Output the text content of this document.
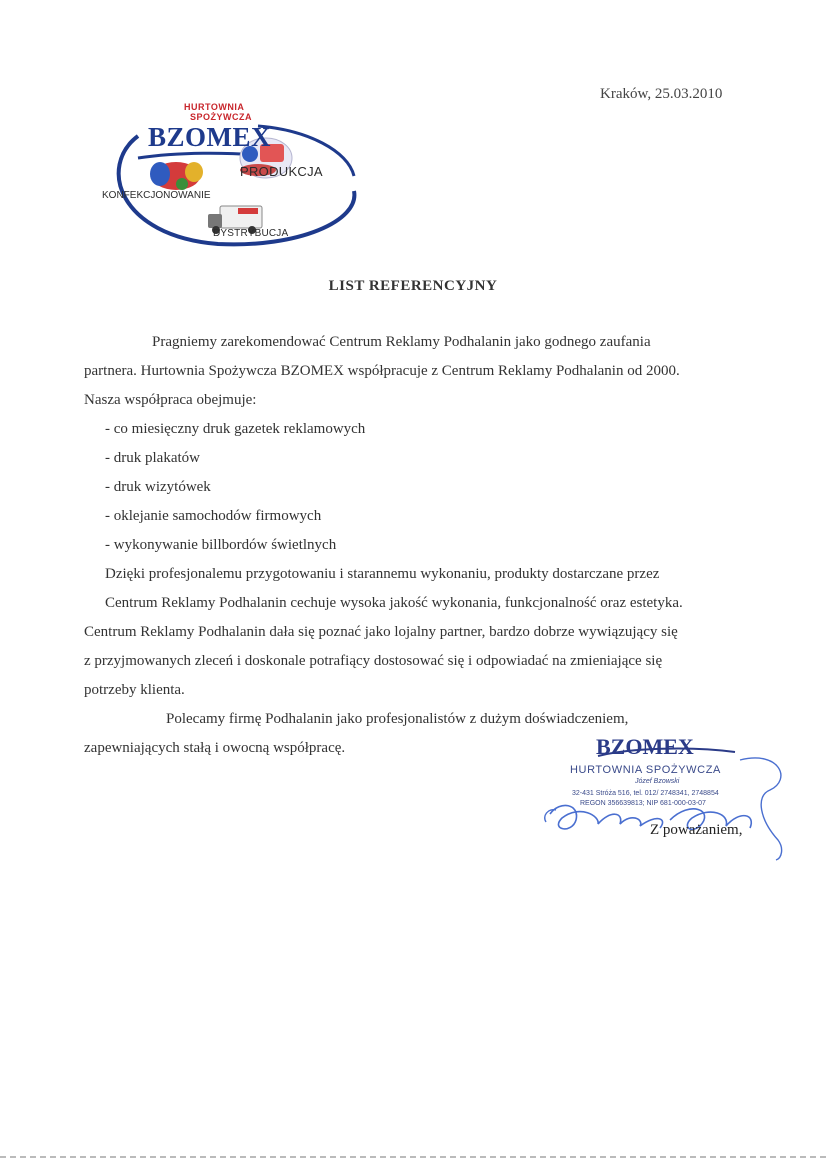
Kraków, 25.03.2010
HURTOWNIA
SPOŻYWCZA
BZOMEX
PRODUKCJA
KONFEKCJONOWANIE
DYSTRYBUCJA
LIST REFERENCYJNY
Pragniemy zarekomendować Centrum Reklamy Podhalanin jako godnego zaufania
partnera. Hurtownia Spożywcza BZOMEX współpracuje z Centrum Reklamy Podhalanin od 2000.
Nasza współpraca obejmuje:
- co miesięczny druk gazetek reklamowych
- druk plakatów
- druk wizytówek
- oklejanie samochodów firmowych
- wykonywanie billbordów świetlnych
Dzięki profesjonalemu przygotowaniu i starannemu wykonaniu, produkty dostarczane przez
Centrum Reklamy Podhalanin cechuje wysoka jakość wykonania, funkcjonalność oraz estetyka.
Centrum Reklamy Podhalanin dała się poznać jako lojalny partner, bardzo dobrze wywiązujący się
z przyjmowanych zleceń i doskonale potrafiący dostosować się i odpowiadać na zmieniające się
potrzeby klienta.
Polecamy firmę Podhalanin jako profesjonalistów z dużym doświadczeniem,
zapewniających stałą i owocną współpracę.	BZOMEX
HURTOWNIA SPOŻYWCZA
Józef Bzowski
32-431 Stróża 516, tel. 012/ 2748341, 2748854
REGON 356639813; NIP 681-000-03-07
Z poważaniem,
